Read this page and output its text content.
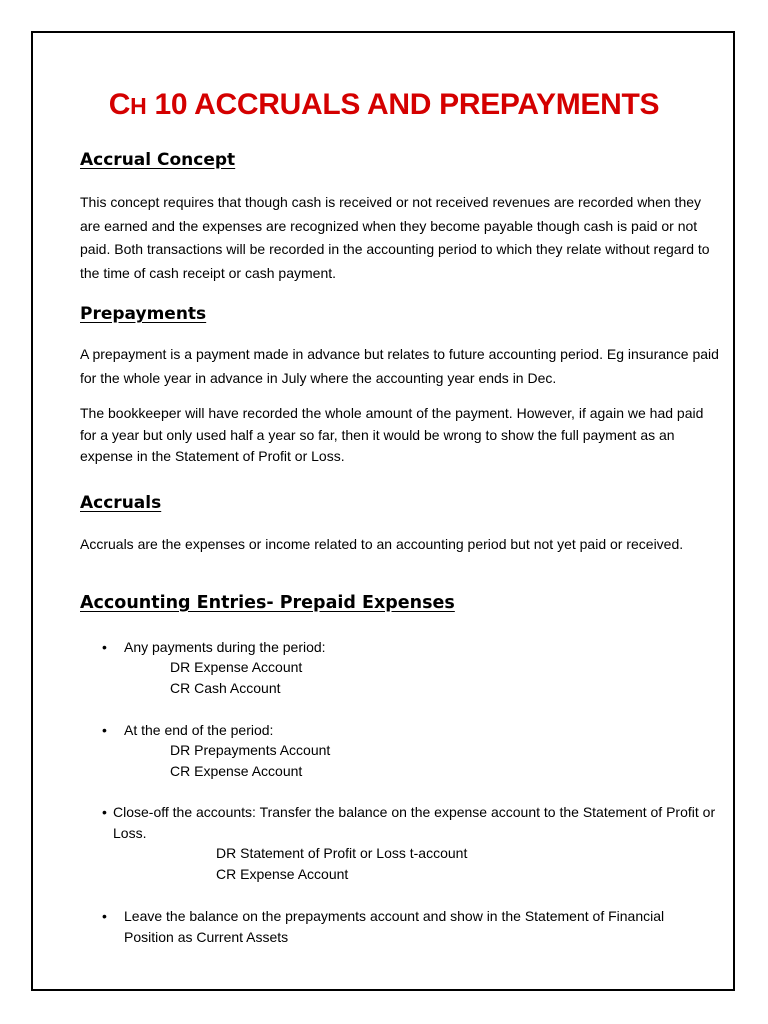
CH 10 ACCRUALS AND PREPAYMENTS
Accrual Concept

This concept requires that though cash is received or not received revenues are recorded when they are earned and the expenses are recognized when they become payable though cash is paid or not paid. Both transactions will be recorded in the accounting period to which they relate without regard to the time of cash receipt or cash payment.

Prepayments

A prepayment is a payment made in advance but relates to future accounting period. Eg insurance paid for the whole year in advance in July where the accounting year ends in Dec.

The bookkeeper will have recorded the whole amount of the payment. However, if again we had paid for a year but only used half a year so far, then it would be wrong to show the full payment as an expense in the Statement of Profit or Loss.

Accruals

Accruals are the expenses or income related to an accounting period but not yet paid or received.

Accounting Entries- Prepaid Expenses
• Any payments during the period:

DR Expense Account

CR Cash Account

• At the end of the period:

DR Prepayments Account

CR Expense Account

• Close-off the accounts: Transfer the balance on the expense account to the Statement of Profit or Loss.

DR Statement of Profit or Loss t-account

CR Expense Account

• Leave the balance on the prepayments account and show in the Statement of Financial Position as Current Assets
